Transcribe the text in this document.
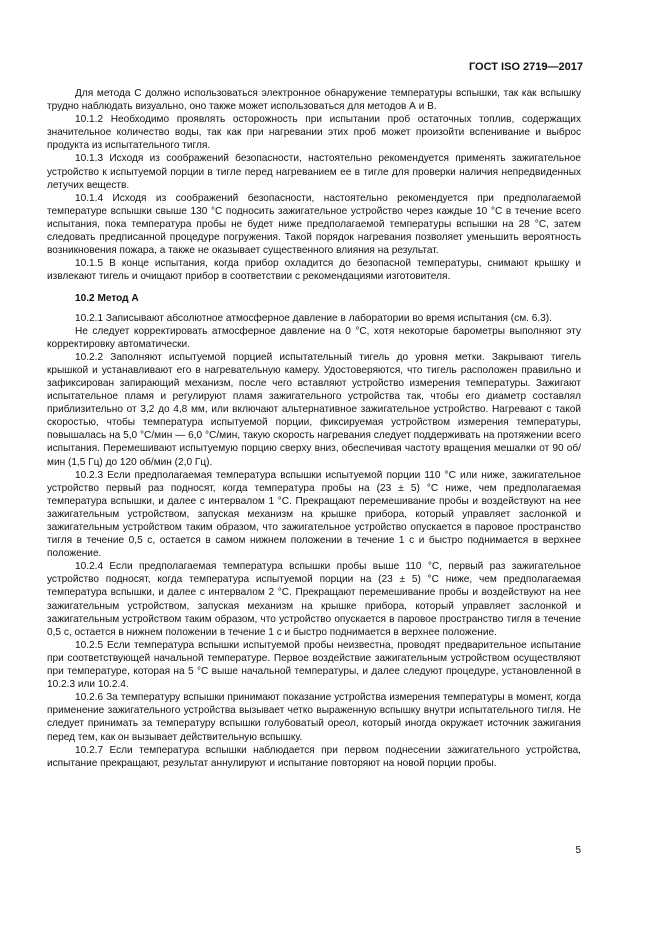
ГОСТ ISO 2719—2017

Для метода С должно использоваться электронное обнаружение температуры вспышки, так как вспышку трудно наблюдать визуально, оно также может использоваться для методов А и В.

10.1.2 Необходимо проявлять осторожность при испытании проб остаточных топлив, содержащих значительное количество воды, так как при нагревании этих проб может произойти вспенивание и выброс продукта из испытательного тигля.

10.1.3 Исходя из соображений безопасности, настоятельно рекомендуется применять зажигательное устройство к испытуемой порции в тигле перед нагреванием ее в тигле для проверки наличия непредвиденных летучих веществ.

10.1.4 Исходя из соображений безопасности, настоятельно рекомендуется при предполагаемой температуре вспышки свыше 130 °С подносить зажигательное устройство через каждые 10 °С в течение всего испытания, пока температура пробы не будет ниже предполагаемой температуры вспышки на 28 °С, затем следовать предписанной процедуре погружения. Такой порядок нагревания позволяет уменьшить вероятность возникновения пожара, а также не оказывает существенного влияния на результат.

10.1.5 В конце испытания, когда прибор охладится до безопасной температуры, снимают крышку и извлекают тигель и очищают прибор в соответствии с рекомендациями изготовителя.

10.2 Метод А

10.2.1 Записывают абсолютное атмосферное давление в лаборатории во время испытания (см. 6.3).

Не следует корректировать атмосферное давление на 0 °С, хотя некоторые барометры выполняют эту корректировку автоматически.

10.2.2 Заполняют испытуемой порцией испытательный тигель до уровня метки. Закрывают тигель крышкой и устанавливают его в нагревательную камеру. Удостоверяются, что тигель расположен правильно и зафиксирован запирающий механизм, после чего вставляют устройство измерения температуры. Зажигают испытательное пламя и регулируют пламя зажигательного устройства так, чтобы его диаметр составлял приблизительно от 3,2 до 4,8 мм, или включают альтернативное зажигательное устройство. Нагревают с такой скоростью, чтобы температура испытуемой порции, фиксируемая устройством измерения температуры, повышалась на 5,0 °С/мин — 6,0 °С/мин, такую скорость нагревания следует поддерживать на протяжении всего испытания. Перемешивают испытуемую порцию сверху вниз, обеспечивая частоту вращения мешалки от 90 об/мин (1,5 Гц) до 120 об/мин (2,0 Гц).

10.2.3 Если предполагаемая температура вспышки испытуемой порции 110 °С или ниже, зажигательное устройство первый раз подносят, когда температура пробы на (23 ± 5) °С ниже, чем предполагаемая температура вспышки, и далее с интервалом 1 °С. Прекращают перемешивание пробы и воздействуют на нее зажигательным устройством, запуская механизм на крышке прибора, который управляет заслонкой и зажигательным устройством таким образом, что зажигательное устройство опускается в паровое пространство тигля в течение 0,5 с, остается в самом нижнем положении в течение 1 с и быстро поднимается в верхнее положение.

10.2.4 Если предполагаемая температура вспышки пробы выше 110 °С, первый раз зажигательное устройство подносят, когда температура испытуемой порции на (23 ± 5) °С ниже, чем предполагаемая температура вспышки, и далее с интервалом 2 °С. Прекращают перемешивание пробы и воздействуют на нее зажигательным устройством, запуская механизм на крышке прибора, который управляет заслонкой и зажигательным устройством таким образом, что устройство опускается в паровое пространство тигля в течение 0,5 с, остается в нижнем положении в течение 1 с и быстро поднимается в верхнее положение.

10.2.5 Если температура вспышки испытуемой пробы неизвестна, проводят предварительное испытание при соответствующей начальной температуре. Первое воздействие зажигательным устройством осуществляют при температуре, которая на 5 °С выше начальной температуры, и далее следуют процедуре, установленной в 10.2.3 или 10.2.4.

10.2.6 За температуру вспышки принимают показание устройства измерения температуры в момент, когда применение зажигательного устройства вызывает четко выраженную вспышку внутри испытательного тигля. Не следует принимать за температуру вспышки голубоватый ореол, который иногда окружает источник зажигания перед тем, как он вызывает действительную вспышку.

10.2.7 Если температура вспышки наблюдается при первом поднесении зажигательного устройства, испытание прекращают, результат аннулируют и испытание повторяют на новой порции пробы.

5
